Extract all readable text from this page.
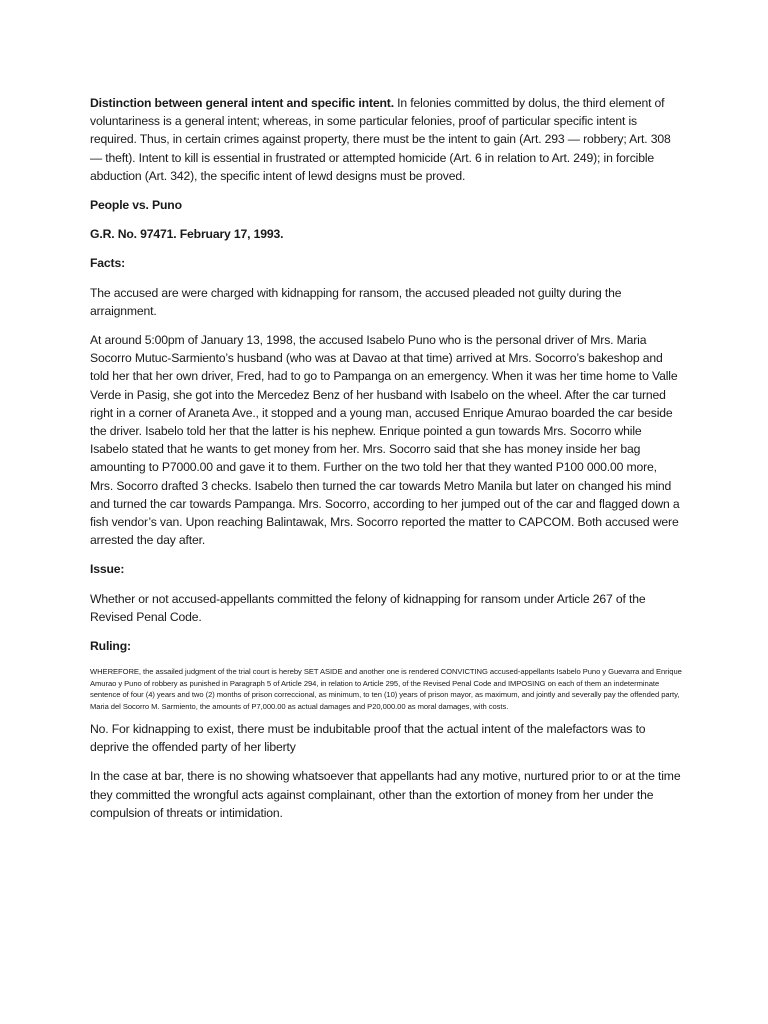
Distinction between general intent and specific intent. In felonies committed by dolus, the third element of voluntariness is a general intent; whereas, in some particular felonies, proof of particular specific intent is required. Thus, in certain crimes against property, there must be the intent to gain (Art. 293 — robbery; Art. 308 — theft). Intent to kill is essential in frustrated or attempted homicide (Art. 6 in relation to Art. 249); in forcible abduction (Art. 342), the specific intent of lewd designs must be proved.

People vs. Puno

G.R. No. 97471. February 17, 1993.

Facts:

The accused are were charged with kidnapping for ransom, the accused pleaded not guilty during the arraignment.

At around 5:00pm of January 13, 1998, the accused Isabelo Puno who is the personal driver of Mrs. Maria Socorro Mutuc-Sarmiento’s husband (who was at Davao at that time) arrived at Mrs. Socorro’s bakeshop and told her that her own driver, Fred, had to go to Pampanga on an emergency. When it was her time home to Valle Verde in Pasig, she got into the Mercedez Benz of her husband with Isabelo on the wheel. After the car turned right in a corner of Araneta Ave., it stopped and a young man, accused Enrique Amurao boarded the car beside the driver. Isabelo told her that the latter is his nephew. Enrique pointed a gun towards Mrs. Socorro while Isabelo stated that he wants to get money from her. Mrs. Socorro said that she has money inside her bag amounting to P7000.00 and gave it to them. Further on the two told her that they wanted P100 000.00 more, Mrs. Socorro drafted 3 checks. Isabelo then turned the car towards Metro Manila but later on changed his mind and turned the car towards Pampanga. Mrs. Socorro, according to her jumped out of the car and flagged down a fish vendor’s van. Upon reaching Balintawak, Mrs. Socorro reported the matter to CAPCOM. Both accused were arrested the day after.

Issue:

Whether or not accused-appellants committed the felony of kidnapping for ransom under Article 267 of the Revised Penal Code.

Ruling:

WHEREFORE, the assailed judgment of the trial court is hereby SET ASIDE and another one is rendered CONVICTING accused-appellants Isabelo Puno y Guevarra and Enrique Amurao y Puno of robbery as punished in Paragraph 5 of Article 294, in relation to Article 295, of the Revised Penal Code and IMPOSING on each of them an indeterminate sentence of four (4) years and two (2) months of prison correccional, as minimum, to ten (10) years of prison mayor, as maximum, and jointly and severally pay the offended party, Maria del Socorro M. Sarmiento, the amounts of P7,000.00 as actual damages and P20,000.00 as moral damages, with costs.

No. For kidnapping to exist, there must be indubitable proof that the actual intent of the malefactors was to deprive the offended party of her liberty

In the case at bar, there is no showing whatsoever that appellants had any motive, nurtured prior to or at the time they committed the wrongful acts against complainant, other than the extortion of money from her under the compulsion of threats or intimidation.
